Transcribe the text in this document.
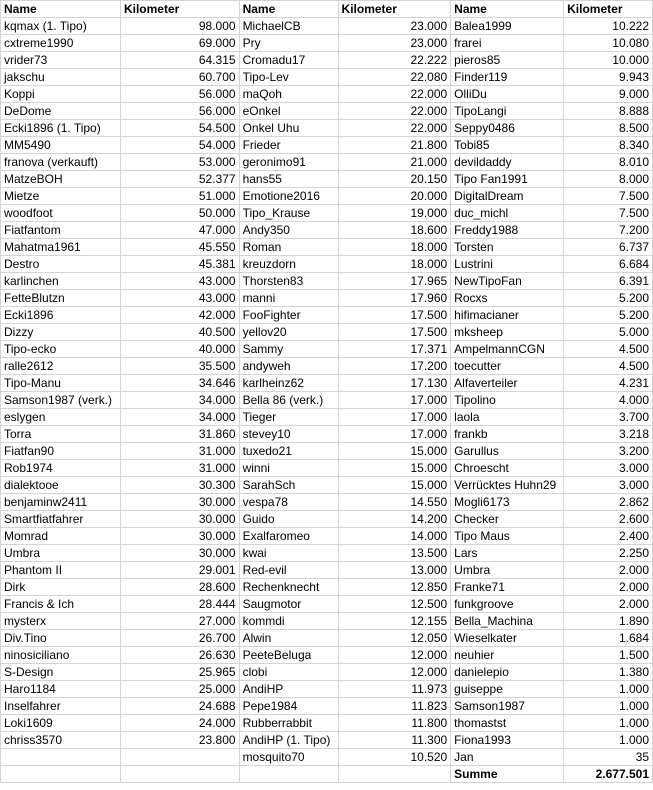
Name	Kilometer	Name	Kilometer	Name	Kilometer
kqmax (1. Tipo)	98.000	MichaelCB	23.000	Balea1999	10.222
cxtreme1990	69.000	Pry	23.000	frarei	10.080
vrider73	64.315	Cromadu17	22.222	pieros85	10.000
jakschu	60.700	Tipo-Lev	22.080	Finder119	9.943
Koppi	56.000	maQoh	22.000	OlliDu	9.000
DeDome	56.000	eOnkel	22.000	TipoLangi	8.888
Ecki1896 (1. Tipo)	54.500	Onkel Uhu	22.000	Seppy0486	8.500
MM5490	54.000	Frieder	21.800	Tobi85	8.340
franova (verkauft)	53.000	geronimo91	21.000	devildaddy	8.010
MatzeBOH	52.377	hans55	20.150	Tipo Fan1991	8.000
Mietze	51.000	Emotione2016	20.000	DigitalDream	7.500
woodfoot	50.000	Tipo_Krause	19.000	duc_michl	7.500
Fiatfantom	47.000	Andy350	18.600	Freddy1988	7.200
Mahatma1961	45.550	Roman	18.000	Torsten	6.737
Destro	45.381	kreuzdorn	18.000	Lustrini	6.684
karlinchen	43.000	Thorsten83	17.965	NewTipoFan	6.391
FetteBlutzn	43.000	manni	17.960	Rocxs	5.200
Ecki1896	42.000	FooFighter	17.500	hifimacianer	5.200
Dizzy	40.500	yellov20	17.500	mksheep	5.000
Tipo-ecko	40.000	Sammy	17.371	AmpelmannCGN	4.500
ralle2612	35.500	andyweh	17.200	toecutter	4.500
Tipo-Manu	34.646	karlheinz62	17.130	Alfaverteiler	4.231
Samson1987 (verk.)	34.000	Bella 86 (verk.)	17.000	Tipolino	4.000
eslygen	34.000	Tieger	17.000	laola	3.700
Torra	31.860	stevey10	17.000	frankb	3.218
Fiatfan90	31.000	tuxedo21	15.000	Garullus	3.200
Rob1974	31.000	winni	15.000	Chroescht	3.000
dialektooe	30.300	SarahSch	15.000	Verrücktes Huhn29	3.000
benjaminw2411	30.000	vespa78	14.550	Mogli6173	2.862
Smartfiatfahrer	30.000	Guido	14.200	Checker	2.600
Momrad	30.000	Exalfaromeo	14.000	Tipo Maus	2.400
Umbra	30.000	kwai	13.500	Lars	2.250
Phantom II	29.001	Red-evil	13.000	Umbra	2.000
Dirk	28.600	Rechenknecht	12.850	Franke71	2.000
Francis & Ich	28.444	Saugmotor	12.500	funkgroove	2.000
mysterx	27.000	kommdi	12.155	Bella_Machina	1.890
Div.Tino	26.700	Alwin	12.050	Wieselkater	1.684
ninosiciliano	26.630	PeeteBeluga	12.000	neuhier	1.500
S-Design	25.965	clobi	12.000	danielepio	1.380
Haro1184	25.000	AndiHP	11.973	guiseppe	1.000
Inselfahrer	24.688	Pepe1984	11.823	Samson1987	1.000
Loki1609	24.000	Rubberrabbit	11.800	thomastst	1.000
chriss3570	23.800	AndiHP (1. Tipo)	11.300	Fiona1993	1.000
		mosquito70	10.520	Jan	35
				Summe	2.677.501
